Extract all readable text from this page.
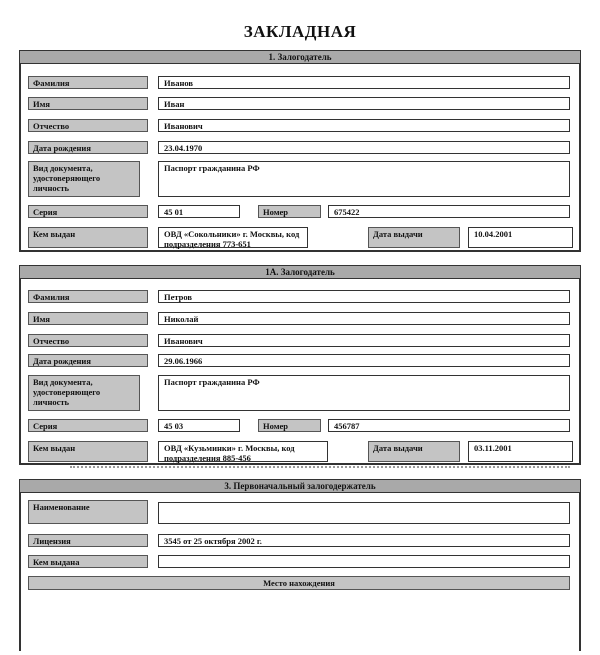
ЗАКЛАДНАЯ
1. Залогодатель
Фамилия	Иванов
Имя	Иван
Отчество	Иванович
Дата рождения	23.04.1970
Вид документа, удостоверяющего личность
Паспорт гражданина РФ
Серия	45 01	Номер	675422
Кем выдан	ОВД «Сокольники» г. Москвы, код подразделения 773-651
Дата выдачи	10.04.2001
1А. Залогодатель
Фамилия	Петров
Имя	Николай
Отчество	Иванович
Дата рождения	29.06.1966
Вид документа, удостоверяющего личность
Паспорт гражданина РФ
Серия	45 03	Номер	456787
Кем выдан	ОВД «Кузьминки» г. Москвы, код подразделения 885-456
Дата выдачи	03.11.2001
3. Первоначальный залогодержатель
Наименование
Лицензия	3545 от 25 октября 2002 г.
Кем выдана
Место нахождения
